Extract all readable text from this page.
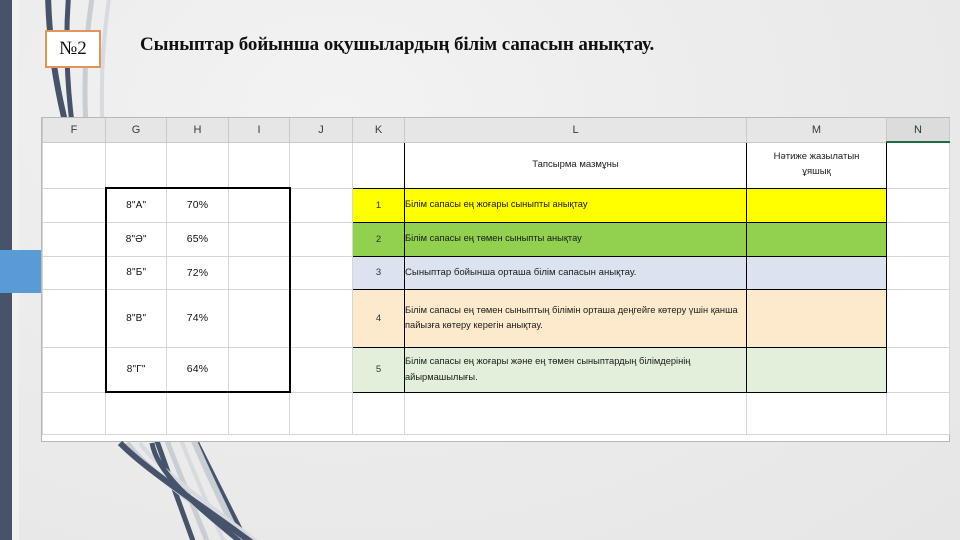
№2	Сыныптар бойынша оқушылардың білім сапасын анықтау.
F	G	H	I	J	K	L	M	N
						Тапсырма мазмұны	Нәтиже жазылатын
ұяшық	

	8"А"	70%			1	Білім сапасы ең жоғары сыныпты анықтау		
	8"Ә"	65%			2	Білім сапасы ең төмен сыныпты анықтау		
	8"Б"	72%			3	Сыныптар бойынша орташа білім сапасын анықтау.		
	8"В"	74%			4	Білім сапасы ең төмен сыныптың білімін орташа деңгейге көтеру үшін қанша пайызға көтеру керегін анықтау.		
	8"Г"	64%			5	Білім сапасы ең жоғары және ең төмен сыныптардың білімдерінің айырмашылығы.		
